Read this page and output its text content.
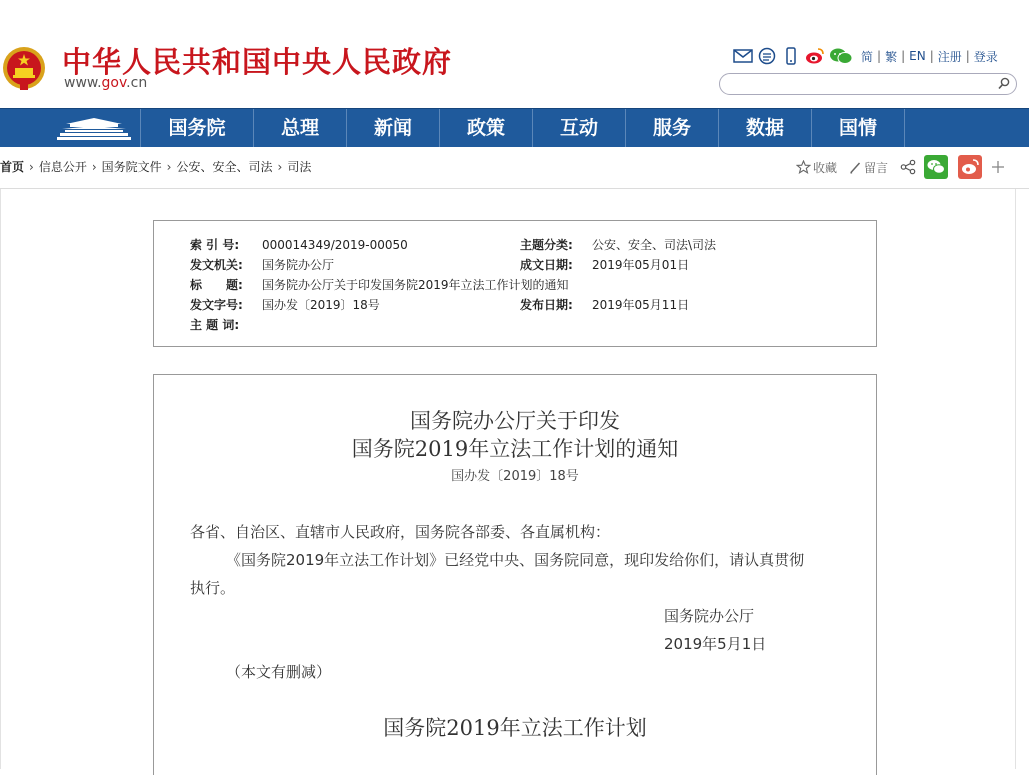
中华人民共和国中央人民政府
www.gov.cn
简 | 繁 | EN | 注册 | 登录
国务院	总理	新闻	政策	互动	服务	数据	国情
首页 › 信息公开 › 国务院文件 › 公安、安全、司法 › 司法	收藏 留言
索 引 号: 000014349/2019-00050	主题分类: 公安、安全、司法\司法
发文机关: 国务院办公厅	成文日期: 2019年05月01日
标　　题: 国务院办公厅关于印发国务院2019年立法工作计划的通知
发文字号: 国办发〔2019〕18号	发布日期: 2019年05月11日
主 题 词:
国务院办公厅关于印发
国务院2019年立法工作计划的通知
国办发〔2019〕18号

各省、自治区、直辖市人民政府，国务院各部委、各直属机构：

《国务院2019年立法工作计划》已经党中央、国务院同意，现印发给你们，请认真贯彻

执行。

国务院办公厅

2019年5月1日

（本文有删减）

国务院2019年立法工作计划
